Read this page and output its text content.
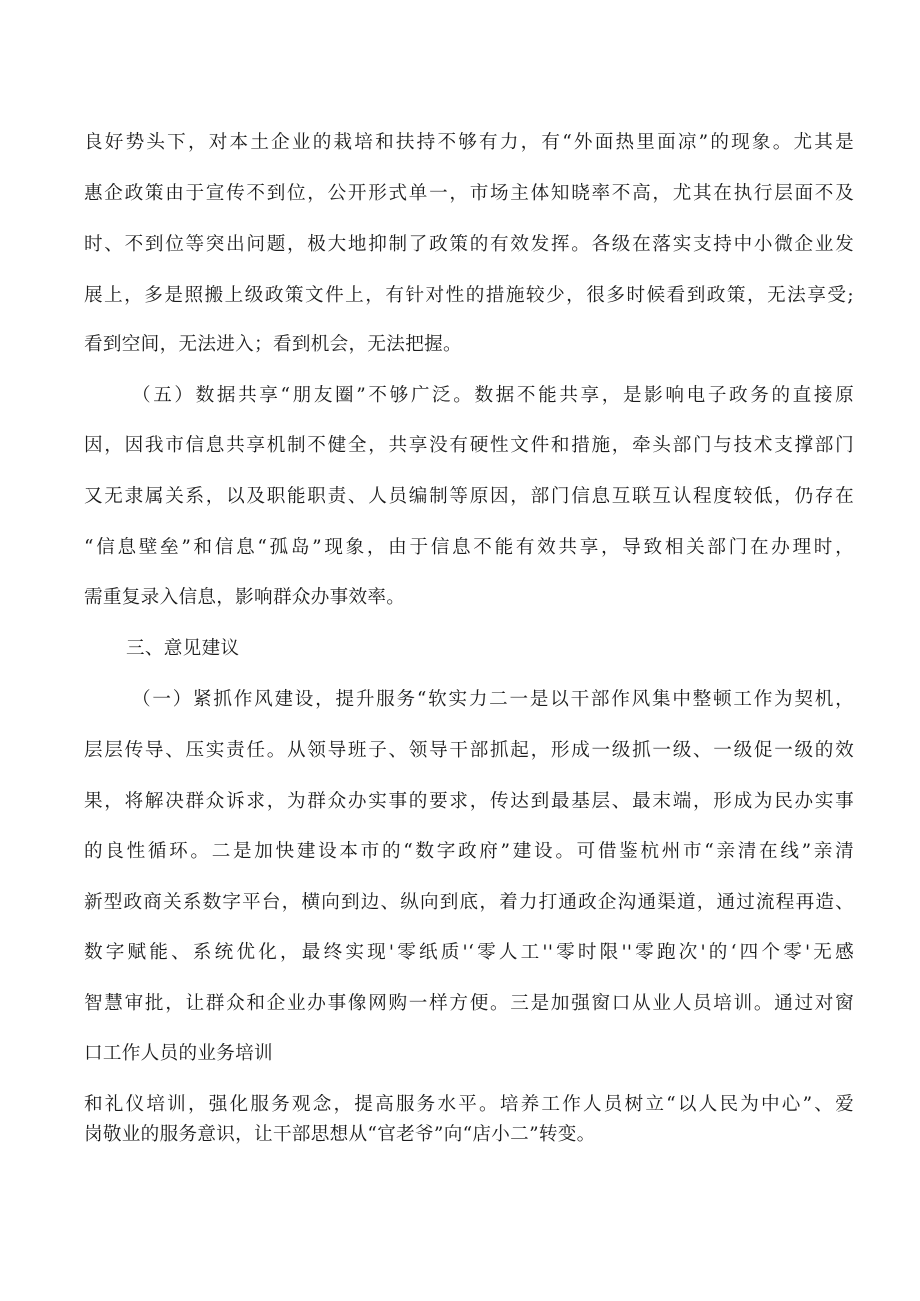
良好势头下，对本土企业的栽培和扶持不够有力，有“外面热里面凉”的现象。尤其是
惠企政策由于宣传不到位，公开形式单一，市场主体知晓率不高，尤其在执行层面不及
时、不到位等突出问题，极大地抑制了政策的有效发挥。各级在落实支持中小微企业发
展上，多是照搬上级政策文件上，有针对性的措施较少，很多时候看到政策，无法享受;
看到空间，无法进入；看到机会，无法把握。
（五）数据共享“朋友圈”不够广泛。数据不能共享，是影响电子政务的直接原
因，因我市信息共享机制不健全，共享没有硬性文件和措施，牵头部门与技术支撑部门
又无隶属关系，以及职能职责、人员编制等原因，部门信息互联互认程度较低，仍存在
“信息壁垒”和信息“孤岛”现象，由于信息不能有效共享，导致相关部门在办理时，
需重复录入信息，影响群众办事效率。
三、意见建议
（一）紧抓作风建设，提升服务“软实力二一是以干部作风集中整顿工作为契机，
层层传导、压实责任。从领导班子、领导干部抓起，形成一级抓一级、一级促一级的效
果，将解决群众诉求，为群众办实事的要求，传达到最基层、最末端，形成为民办实事
的良性循环。二是加快建设本市的“数字政府”建设。可借鉴杭州市“亲清在线”亲清
新型政商关系数字平台，横向到边、纵向到底，着力打通政企沟通渠道，通过流程再造、
数字赋能、系统优化，最终实现'零纸质'‘零人工''零时限''零跑次'的‘四个零'无感
智慧审批，让群众和企业办事像网购一样方便。三是加强窗口从业人员培训。通过对窗
口工作人员的业务培训
和礼仪培训，强化服务观念，提高服务水平。培养工作人员树立“以人民为中心”、爱
岗敬业的服务意识，让干部思想从“官老爷”向“店小二”转变。
